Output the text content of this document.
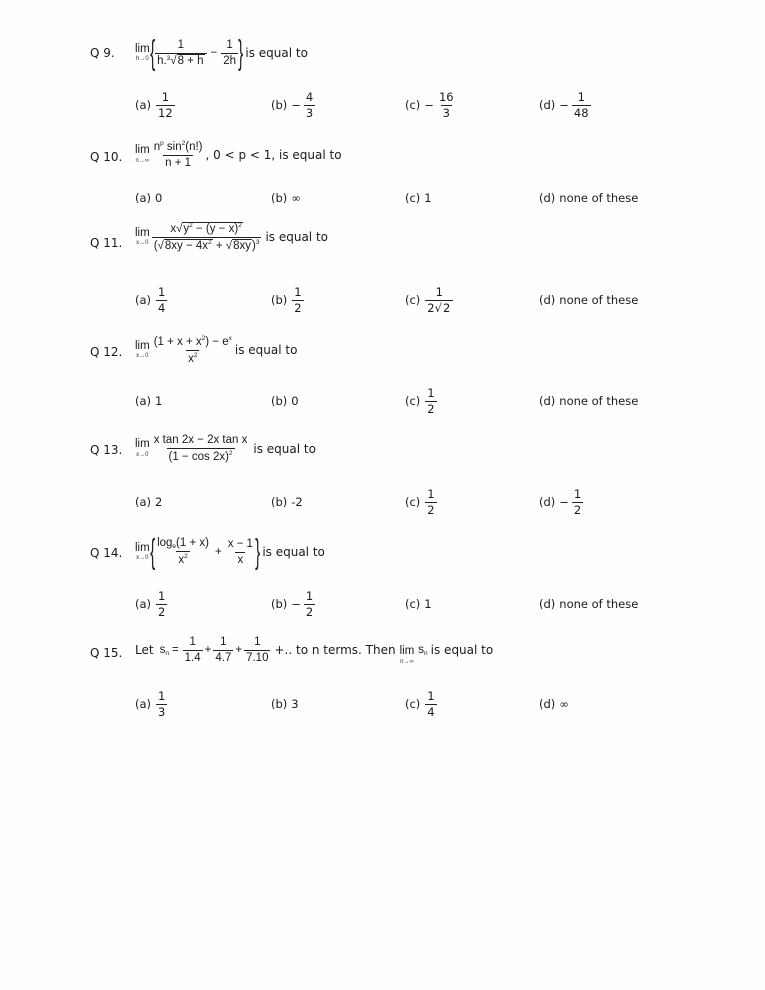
Q 9. lim
h→0 { $\frac{1}{h.^3√8 + h} - \frac{1}{2h}$ } is equal to
$(a) \frac{1}{12}$	$(b) - \frac{4}{3}$	$(c) - \frac{16}{3}$	$(d) - \frac{1}{48}$
Q 10. lim
$n\to\infty \frac{n^p \sin^2(n!)}{n + 1}$ , 0 < p < 1, is equal to
(a) 0	(b) ∞	(c) 1	(d) none of these
Q 11.
lim
$x\to 0 \frac{x√y^2 - (y - x)^2}{(√8xy - 4x^2 + √8xy)^3}$ is equal to
$(a) \frac{1}{4}$	$(b) \frac{1}{2}$	$(c) \frac{1}{2√2}$	(d) none of these
Q 12. lim
$x\to 0 \frac{(1 + x + x^2) - e^x}{x^2}$ is equal to
(a) 1	(b) 0	$(c) \frac{1}{2}$	(d) none of these
Q 13. lim
$x\to 0 \frac{\text{x tan 2x − 2x tan x}}{(1 - \cos 2x)^2}$ is equal to
(a) 2	(b) -2	$(c) \frac{1}{2}$	$(d) - \frac{1}{2}$
Q 14. lim
x→0 { $\frac{\log_e(1 + x)}{x^2} + \frac{x - 1}{x}$ } is equal to
$(a) \frac{1}{2}$	$(b) - \frac{1}{2}$	(c) 1	(d) none of these
Q 15. Let $s_n = \frac{1}{1.4} + \frac{1}{4.7} + \frac{1}{7.10}$ +.. to n terms. Then lim
n→∞
$s_n$ is equal to
$(a) \frac{1}{3}$	(b) 3	$(c) \frac{1}{4}$	(d) ∞
